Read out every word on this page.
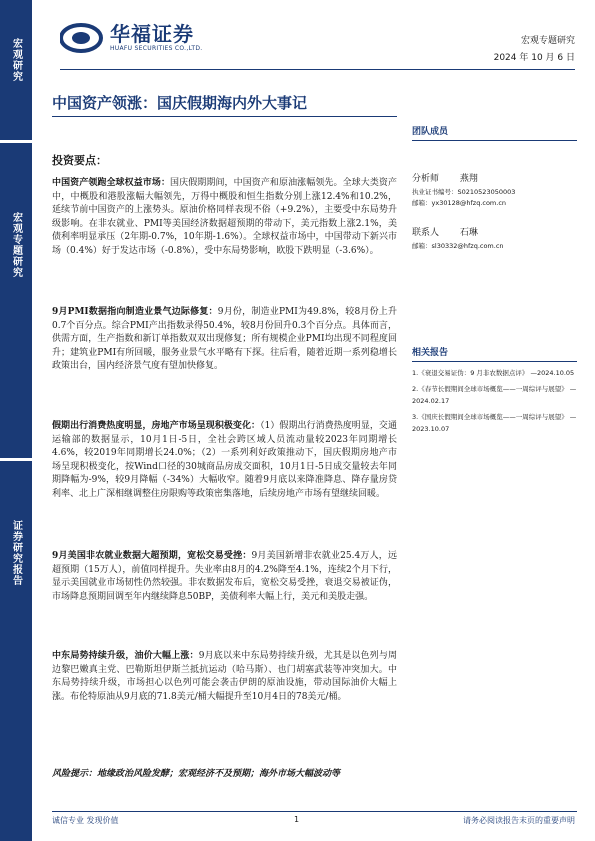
宏观研究
宏观专题研究
证券研究报告
华福证券
HUAFU SECURITIES CO.,LTD.
宏观专题研究
2024 年 10 月 6 日
中国资产领涨：国庆假期海内外大事记
投资要点：
中国资产领跑全球权益市场：国庆假期期间，中国资产和原油涨幅领先。全球大类资产中，中概股和港股涨幅大幅领先，万得中概股和恒生指数分别上涨12.4%和10.2%，延续节前中国资产的上涨势头。原油价格同样表现不俗（+9.2%），主要受中东局势升级影响。在非农就业、PMI等美国经济数据超预期的带动下，美元指数上涨2.1%，美债利率明显承压（2年期-0.7%，10年期-1.6%）。全球权益市场中，中国带动下新兴市场（0.4%）好于发达市场（-0.8%），受中东局势影响，欧股下跌明显（-3.6%）。
9月PMI数据指向制造业景气边际修复：9月份，制造业PMI为49.8%，较8月份上升0.7个百分点。综合PMI产出指数录得50.4%，较8月份回升0.3个百分点。具体而言，供需方面，生产指数和新订单指数双双出现修复；所有规模企业PMI均出现不同程度回升；建筑业PMI有所回暖，服务业景气水平略有下探。往后看，随着近期一系列稳增长政策出台，国内经济景气度有望加快修复。
假期出行消费热度明显，房地产市场呈现积极变化：（1）假期出行消费热度明显，交通运输部的数据显示，10月1日-5日，全社会跨区域人员流动量较2023年同期增长4.6%，较2019年同期增长24.0%；（2）一系列利好政策推动下，国庆假期房地产市场呈现积极变化，按Wind口径的30城商品房成交面积，10月1日-5日成交量较去年同期降幅为-9%，较9月降幅（-34%）大幅收窄。随着9月底以来降准降息、降存量房贷利率、北上广深相继调整住房限购等政策密集落地，后续房地产市场有望继续回暖。
9月美国非农就业数据大超预期，宽松交易受挫：9月美国新增非农就业25.4万人，远超预期（15万人），前值同样提升。失业率由8月的4.2%降至4.1%，连续2个月下行，显示美国就业市场韧性仍然较强。非农数据发布后，宽松交易受挫，衰退交易被证伪，市场降息预期回调至年内继续降息50BP，美债利率大幅上行，美元和美股走强。
中东局势持续升级，油价大幅上涨：9月底以来中东局势持续升级，尤其是以色列与周边黎巴嫩真主党、巴勒斯坦伊斯兰抵抗运动（哈马斯）、也门胡塞武装等冲突加大。中东局势持续升级，市场担心以色列可能会袭击伊朗的原油设施，带动国际油价大幅上涨。布伦特原油从9月底的71.8美元/桶大幅提升至10月4日的78美元/桶。
风险提示：地缘政治风险发酵；宏观经济不及预期；海外市场大幅波动等
团队成员
分析师 燕翔
执业证书编号：S0210523050003
邮箱：yx30128@hfzq.com.cn
联系人 石琳
邮箱：sl30332@hfzq.com.cn
相关报告
1.《衰退交易证伪：9 月非农数据点评》 —2024.10.05
2.《春节长假期间全球市场概览——一周综评与展望》 —2024.02.17
3.《国庆长假期间全球市场概览——一周综评与展望》 —2023.10.07
诚信专业 发现价值	1	请务必阅读报告末页的重要声明
